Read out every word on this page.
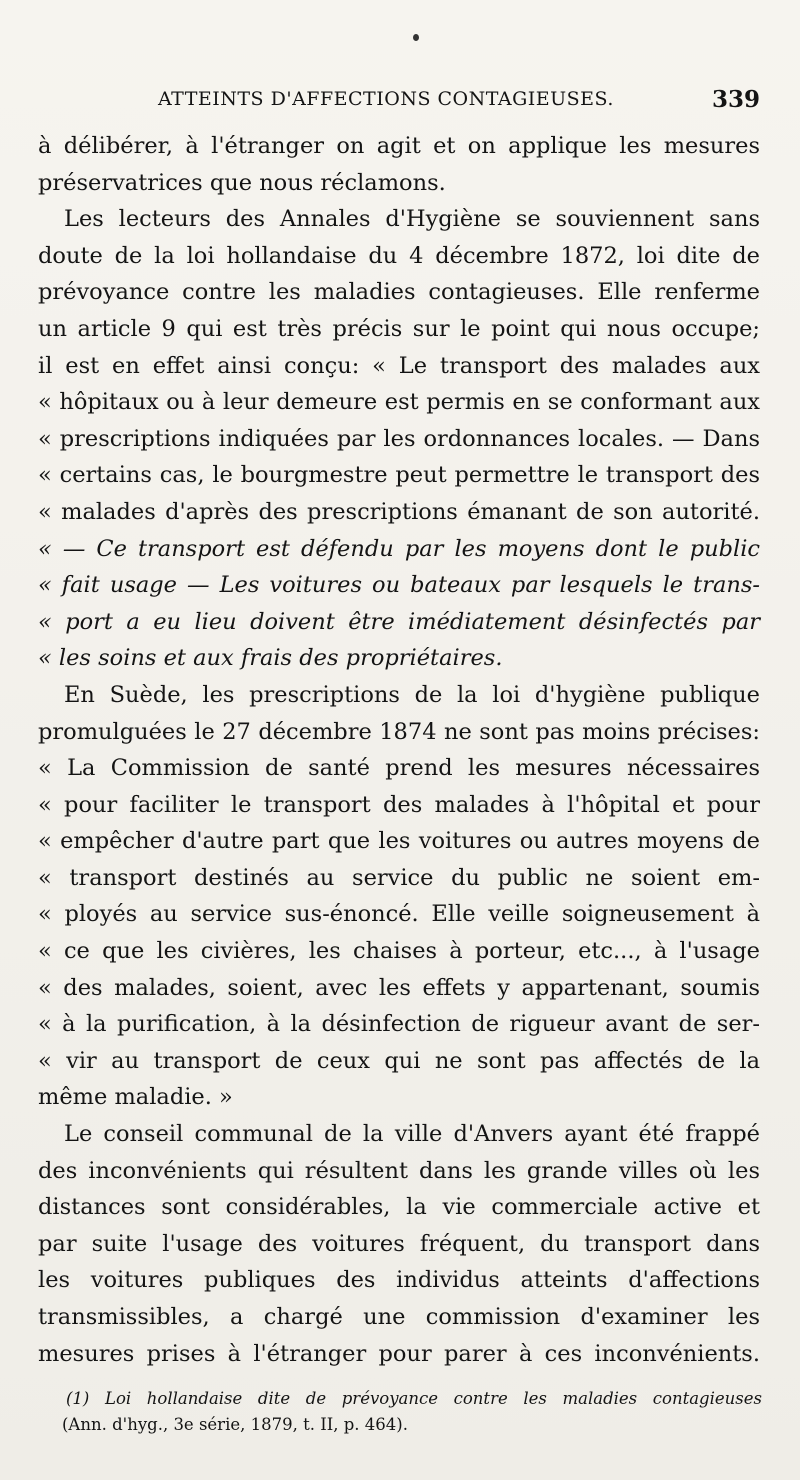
ATTEINTS D'AFFECTIONS CONTAGIEUSES.	339
à délibérer, à l'étranger on agit et on applique les mesures
préservatrices que nous réclamons.
Les lecteurs des Annales d'Hygiène se souviennent sans
doute de la loi hollandaise du 4 décembre 1872, loi dite de
prévoyance contre les maladies contagieuses. Elle renferme
un article 9 qui est très précis sur le point qui nous occupe;
il est en effet ainsi conçu: « Le transport des malades aux
« hôpitaux ou à leur demeure est permis en se conformant aux
« prescriptions indiquées par les ordonnances locales. — Dans
« certains cas, le bourgmestre peut permettre le transport des
« malades d'après des prescriptions émanant de son autorité.
« — Ce transport est défendu par les moyens dont le public
« fait usage — Les voitures ou bateaux par lesquels le trans-
« port a eu lieu doivent être imédiatement désinfectés par
« les soins et aux frais des propriétaires.
En Suède, les prescriptions de la loi d'hygiène publique
promulguées le 27 décembre 1874 ne sont pas moins précises:
« La Commission de santé prend les mesures nécessaires
« pour faciliter le transport des malades à l'hôpital et pour
« empêcher d'autre part que les voitures ou autres moyens de
« transport destinés au service du public ne soient em-
« ployés au service sus-énoncé. Elle veille soigneusement à
« ce que les civières, les chaises à porteur, etc..., à l'usage
« des malades, soient, avec les effets y appartenant, soumis
« à la purification, à la désinfection de rigueur avant de ser-
« vir au transport de ceux qui ne sont pas affectés de la
même maladie. »
Le conseil communal de la ville d'Anvers ayant été frappé
des inconvénients qui résultent dans les grande villes où les
distances sont considérables, la vie commerciale active et
par suite l'usage des voitures fréquent, du transport dans
les voitures publiques des individus atteints d'affections
transmissibles, a chargé une commission d'examiner les
mesures prises à l'étranger pour parer à ces inconvénients.
(1) Loi hollandaise dite de prévoyance contre les maladies contagieuses
(Ann. d'hyg., 3e série, 1879, t. II, p. 464).
